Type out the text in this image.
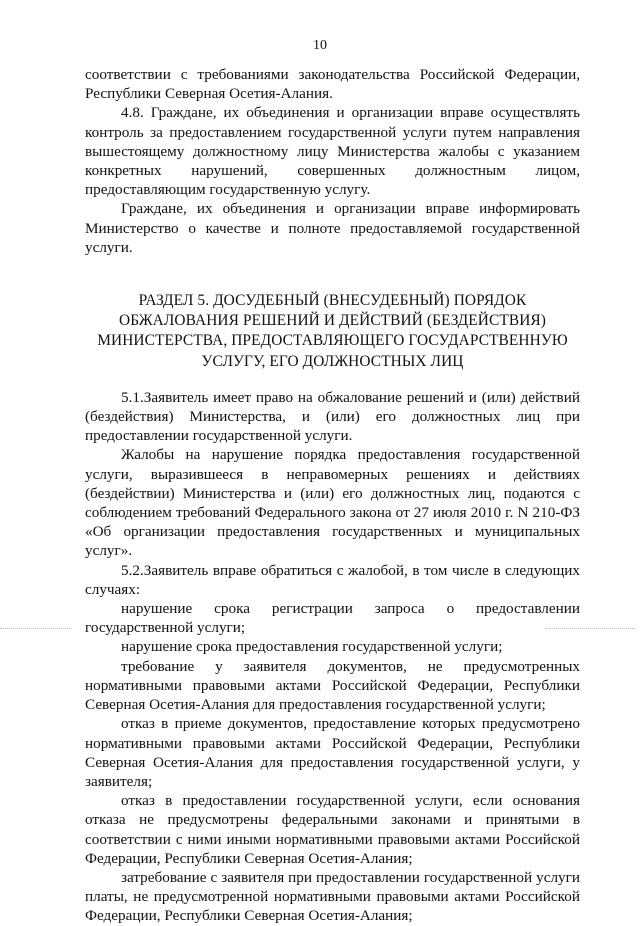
10

соответствии с требованиями законодательства Российской Федерации, Республики Северная Осетия-Алания.

4.8. Граждане, их объединения и организации вправе осуществлять контроль за предоставлением государственной услуги путем направления вышестоящему должностному лицу Министерства жалобы с указанием конкретных нарушений, совершенных должностным лицом, предоставляющим государственную услугу.

Граждане, их объединения и организации вправе информировать Министерство о качестве и полноте предоставляемой государственной услуги.

РАЗДЕЛ 5. ДОСУДЕБНЫЙ (ВНЕСУДЕБНЫЙ) ПОРЯДОК

ОБЖАЛОВАНИЯ РЕШЕНИЙ И ДЕЙСТВИЙ (БЕЗДЕЙСТВИЯ)

МИНИСТЕРСТВА, ПРЕДОСТАВЛЯЮЩЕГО ГОСУДАРСТВЕННУЮ

УСЛУГУ, ЕГО ДОЛЖНОСТНЫХ ЛИЦ

5.1.Заявитель имеет право на обжалование решений и (или) действий (бездействия) Министерства, и (или) его должностных лиц при предоставлении государственной услуги.

Жалобы на нарушение порядка предоставления государственной услуги, выразившееся в неправомерных решениях и действиях (бездействии) Министерства и (или) его должностных лиц, подаются с соблюдением требований Федерального закона от 27 июля 2010 г. N 210-ФЗ «Об организации предоставления государственных и муниципальных услуг».

5.2.Заявитель вправе обратиться с жалобой, в том числе в следующих случаях:

нарушение срока регистрации запроса о предоставлении государственной услуги;

нарушение срока предоставления государственной услуги;

требование у заявителя документов, не предусмотренных нормативными правовыми актами Российской Федерации, Республики Северная Осетия-Алания для предоставления государственной услуги;

отказ в приеме документов, предоставление которых предусмотрено нормативными правовыми актами Российской Федерации, Республики Северная Осетия-Алания для предоставления государственной услуги, у заявителя;

отказ в предоставлении государственной услуги, если основания отказа не предусмотрены федеральными законами и принятыми в соответствии с ними иными нормативными правовыми актами Российской Федерации, Республики Северная Осетия-Алания;

затребование с заявителя при предоставлении государственной услуги платы, не предусмотренной нормативными правовыми актами Российской Федерации, Республики Северная Осетия-Алания;
